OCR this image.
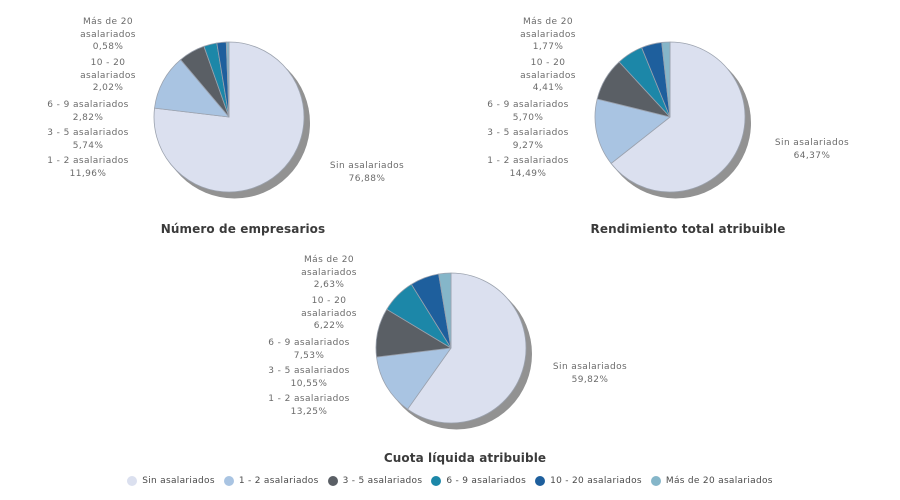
Más de 20
asalariados
0,58%
10 - 20
asalariados
2,02%
6 - 9 asalariados
2,82%
3 - 5 asalariados
5,74%
1 - 2 asalariados
11,96%
Sin asalariados
76,88%
Número de empresarios
Más de 20
asalariados
1,77%
10 - 20
asalariados
4,41%
6 - 9 asalariados
5,70%
3 - 5 asalariados
9,27%
1 - 2 asalariados
14,49%
Sin asalariados
64,37%
Rendimiento total atribuible
Más de 20
asalariados
2,63%
10 - 20
asalariados
6,22%
6 - 9 asalariados
7,53%
3 - 5 asalariados
10,55%
1 - 2 asalariados
13,25%
Sin asalariados
59,82%
Cuota líquida atribuible
Sin asalariados	1 - 2 asalariados	3 - 5 asalariados	6 - 9 asalariados	10 - 20 asalariados	Más de 20 asalariados
